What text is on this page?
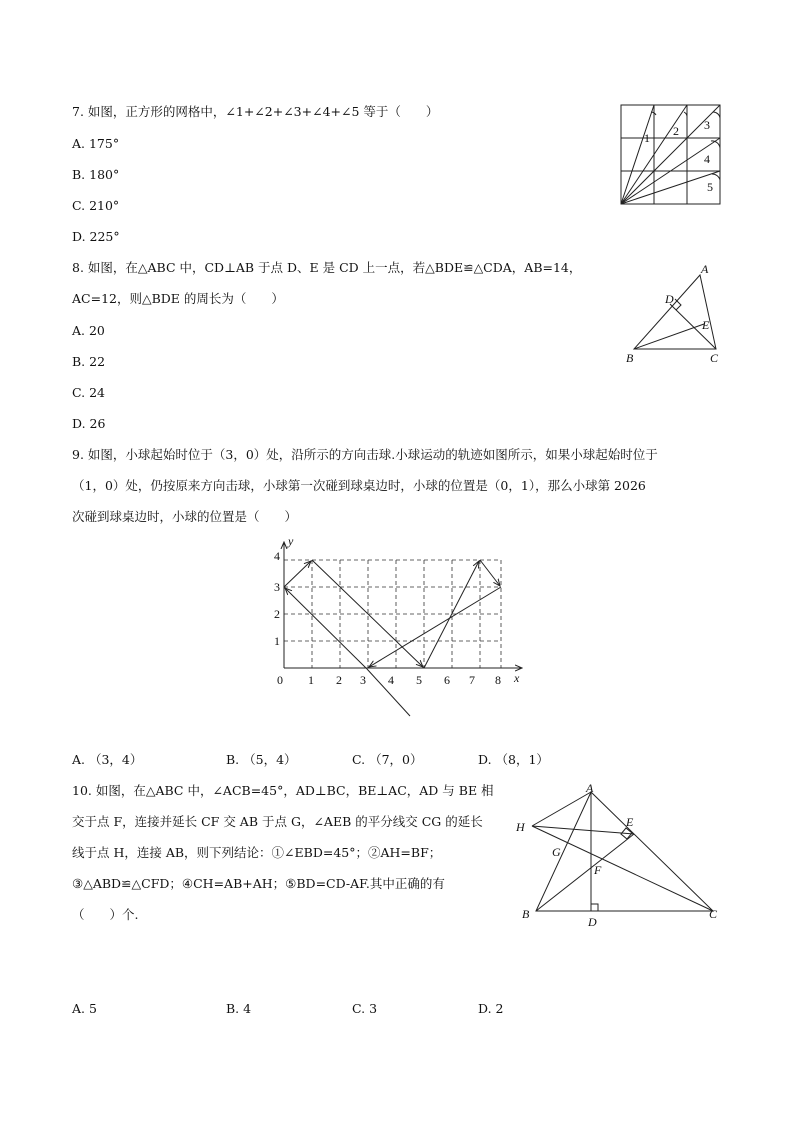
7. 如图，正方形的网格中，∠1+∠2+∠3+∠4+∠5 等于（　　）
A. 175°
B. 180°
C. 210°
D. 225°
1 2 3
4
5
8. 如图，在△ABC 中，CD⊥AB 于点 D、E 是 CD 上一点，若△BDE≌△CDA，AB=14，
AC=12，则△BDE 的周长为（　　）
A. 20
B. 22
C. 24
D. 26
A
B	C
D
E
9. 如图，小球起始时位于（3，0）处，沿所示的方向击球.小球运动的轨迹如图所示，如果小球起始时位于
（1，0）处，仍按原来方向击球，小球第一次碰到球桌边时，小球的位置是（0，1），那么小球第 2026
次碰到球桌边时，小球的位置是（　　）
4
3
2
1
y
0 1 2 3 4 5 6 7 8 x
A. （3，4）	B. （5，4）	C. （7，0）	D. （8，1）
10. 如图，在△ABC 中，∠ACB=45°，AD⊥BC，BE⊥AC，AD 与 BE 相
交于点 F，连接并延长 CF 交 AB 于点 G，∠AEB 的平分线交 CG 的延长
线于点 H，连接 AB，则下列结论：①∠EBD=45°；②AH=BF；
③△ABD≌△CFD；④CH=AB+AH；⑤BD=CD-AF.其中正确的有
（　　）个.
A
B	C
D
E
F
G
H
A. 5	B. 4	C. 3	D. 2
